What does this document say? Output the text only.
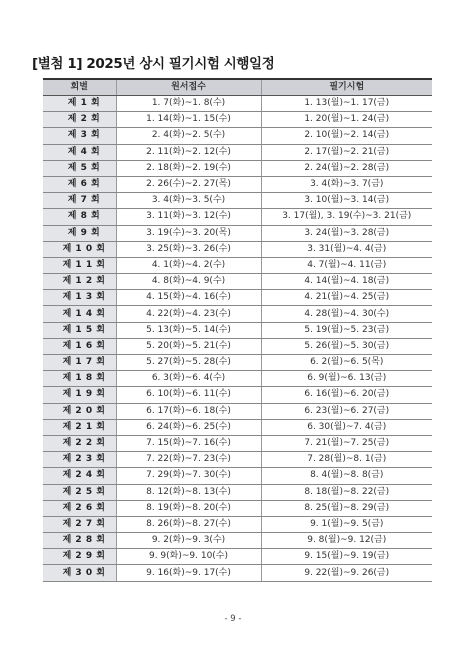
[별첨 1] 2025년 상시 필기시험 시행일정
회별	원서접수	필기시험

제 1 회	1. 7(화)~1. 8(수)	1. 13(월)~1. 17(금)

제 2 회	1. 14(화)~1. 15(수)	1. 20(월)~1. 24(금)

제 3 회	2. 4(화)~2. 5(수)	2. 10(월)~2. 14(금)

제 4 회	2. 11(화)~2. 12(수)	2. 17(월)~2. 21(금)

제 5 회	2. 18(화)~2. 19(수)	2. 24(월)~2. 28(금)

제 6 회	2. 26(수)~2. 27(목)	3. 4(화)~3. 7(금)

제 7 회	3. 4(화)~3. 5(수)	3. 10(월)~3. 14(금)

제 8 회	3. 11(화)~3. 12(수)	3. 17(월), 3. 19(수)~3. 21(금)

제 9 회	3. 19(수)~3. 20(목)	3. 24(월)~3. 28(금)

제 1 0 회	3. 25(화)~3. 26(수)	3. 31(월)~4. 4(금)

제 1 1 회	4. 1(화)~4. 2(수)	4. 7(월)~4. 11(금)

제 1 2 회	4. 8(화)~4. 9(수)	4. 14(월)~4. 18(금)

제 1 3 회	4. 15(화)~4. 16(수)	4. 21(월)~4. 25(금)

제 1 4 회	4. 22(화)~4. 23(수)	4. 28(월)~4. 30(수)

제 1 5 회	5. 13(화)~5. 14(수)	5. 19(월)~5. 23(금)

제 1 6 회	5. 20(화)~5. 21(수)	5. 26(월)~5. 30(금)

제 1 7 회	5. 27(화)~5. 28(수)	6. 2(월)~6. 5(목)

제 1 8 회	6. 3(화)~6. 4(수)	6. 9(월)~6. 13(금)

제 1 9 회	6. 10(화)~6. 11(수)	6. 16(월)~6. 20(금)

제 2 0 회	6. 17(화)~6. 18(수)	6. 23(월)~6. 27(금)

제 2 1 회	6. 24(화)~6. 25(수)	6. 30(월)~7. 4(금)

제 2 2 회	7. 15(화)~7. 16(수)	7. 21(월)~7. 25(금)

제 2 3 회	7. 22(화)~7. 23(수)	7. 28(월)~8. 1(금)

제 2 4 회	7. 29(화)~7. 30(수)	8. 4(월)~8. 8(금)

제 2 5 회	8. 12(화)~8. 13(수)	8. 18(월)~8. 22(금)

제 2 6 회	8. 19(화)~8. 20(수)	8. 25(월)~8. 29(금)

제 2 7 회	8. 26(화)~8. 27(수)	9. 1(월)~9. 5(금)

제 2 8 회	9. 2(화)~9. 3(수)	9. 8(월)~9. 12(금)

제 2 9 회	9. 9(화)~9. 10(수)	9. 15(월)~9. 19(금)

제 3 0 회	9. 16(화)~9. 17(수)	9. 22(월)~9. 26(금)
- 9 -
